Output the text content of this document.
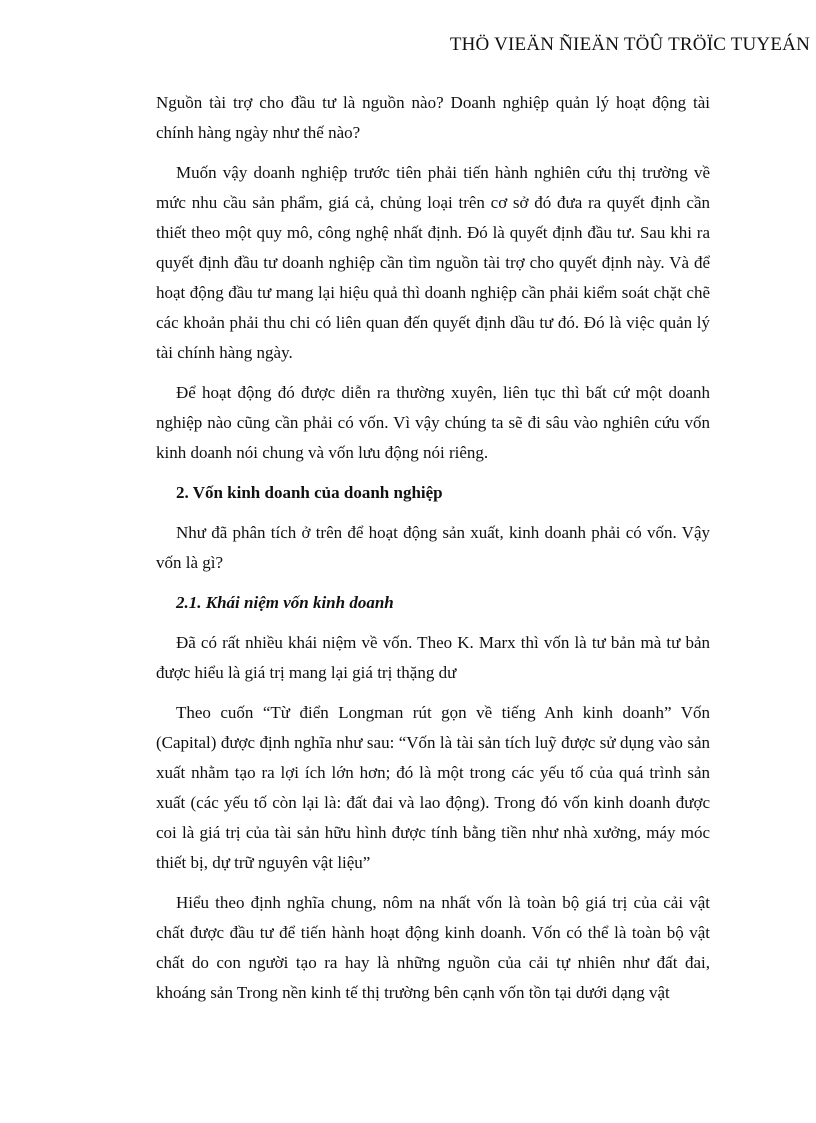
THÖ VIEÄN ÑIEÄN TÖÛ TRÖÏC TUYEÁN

Nguồn tài trợ cho đầu tư là nguồn nào? Doanh nghiệp quản lý hoạt động tài chính hàng ngày như thế nào?

Muốn vậy doanh nghiệp trước tiên phải tiến hành nghiên cứu thị trường về mức nhu cầu sản phẩm, giá cả, chủng loại trên cơ sở đó đưa ra quyết định cần thiết theo một quy mô, công nghệ nhất định. Đó là quyết định đầu tư. Sau khi ra quyết định đầu tư doanh nghiệp cần tìm nguồn tài trợ cho quyết định này. Và để hoạt động đầu tư mang lại hiệu quả thì doanh nghiệp cần phải kiểm soát chặt chẽ các khoản phải thu chi có liên quan đến quyết định dầu tư đó. Đó là việc quản lý tài chính hàng ngày.

Để hoạt động đó được diễn ra thường xuyên, liên tục thì bất cứ một doanh nghiệp nào cũng cần phải có vốn. Vì vậy chúng ta sẽ đi sâu vào nghiên cứu vốn kinh doanh nói chung và vốn lưu động nói riêng.

2. Vốn kinh doanh của doanh nghiệp

Như đã phân tích ở trên để hoạt động sản xuất, kinh doanh phải có vốn. Vậy vốn là gì?

2.1. Khái niệm vốn kinh doanh

Đã có rất nhiều khái niệm về vốn. Theo K. Marx thì vốn là tư bản mà tư bản được hiểu là giá trị mang lại giá trị thặng dư

Theo cuốn “Từ điển Longman rút gọn về tiếng Anh kinh doanh” Vốn (Capital) được định nghĩa như sau: “Vốn là tài sản tích luỹ được sử dụng vào sản xuất nhằm tạo ra lợi ích lớn hơn; đó là một trong các yếu tố của quá trình sản xuất (các yếu tố còn lại là: đất đai và lao động). Trong đó vốn kinh doanh được coi là giá trị của tài sản hữu hình được tính bằng tiền như nhà xưởng, máy móc thiết bị, dự trữ nguyên vật liệu”

Hiểu theo định nghĩa chung, nôm na nhất vốn là toàn bộ giá trị của cải vật chất được đầu tư để tiến hành hoạt động kinh doanh. Vốn có thể là toàn bộ vật chất do con người tạo ra hay là những nguồn của cải tự nhiên như đất đai, khoáng sản Trong nền kinh tế thị trường bên cạnh vốn tồn tại dưới dạng vật
